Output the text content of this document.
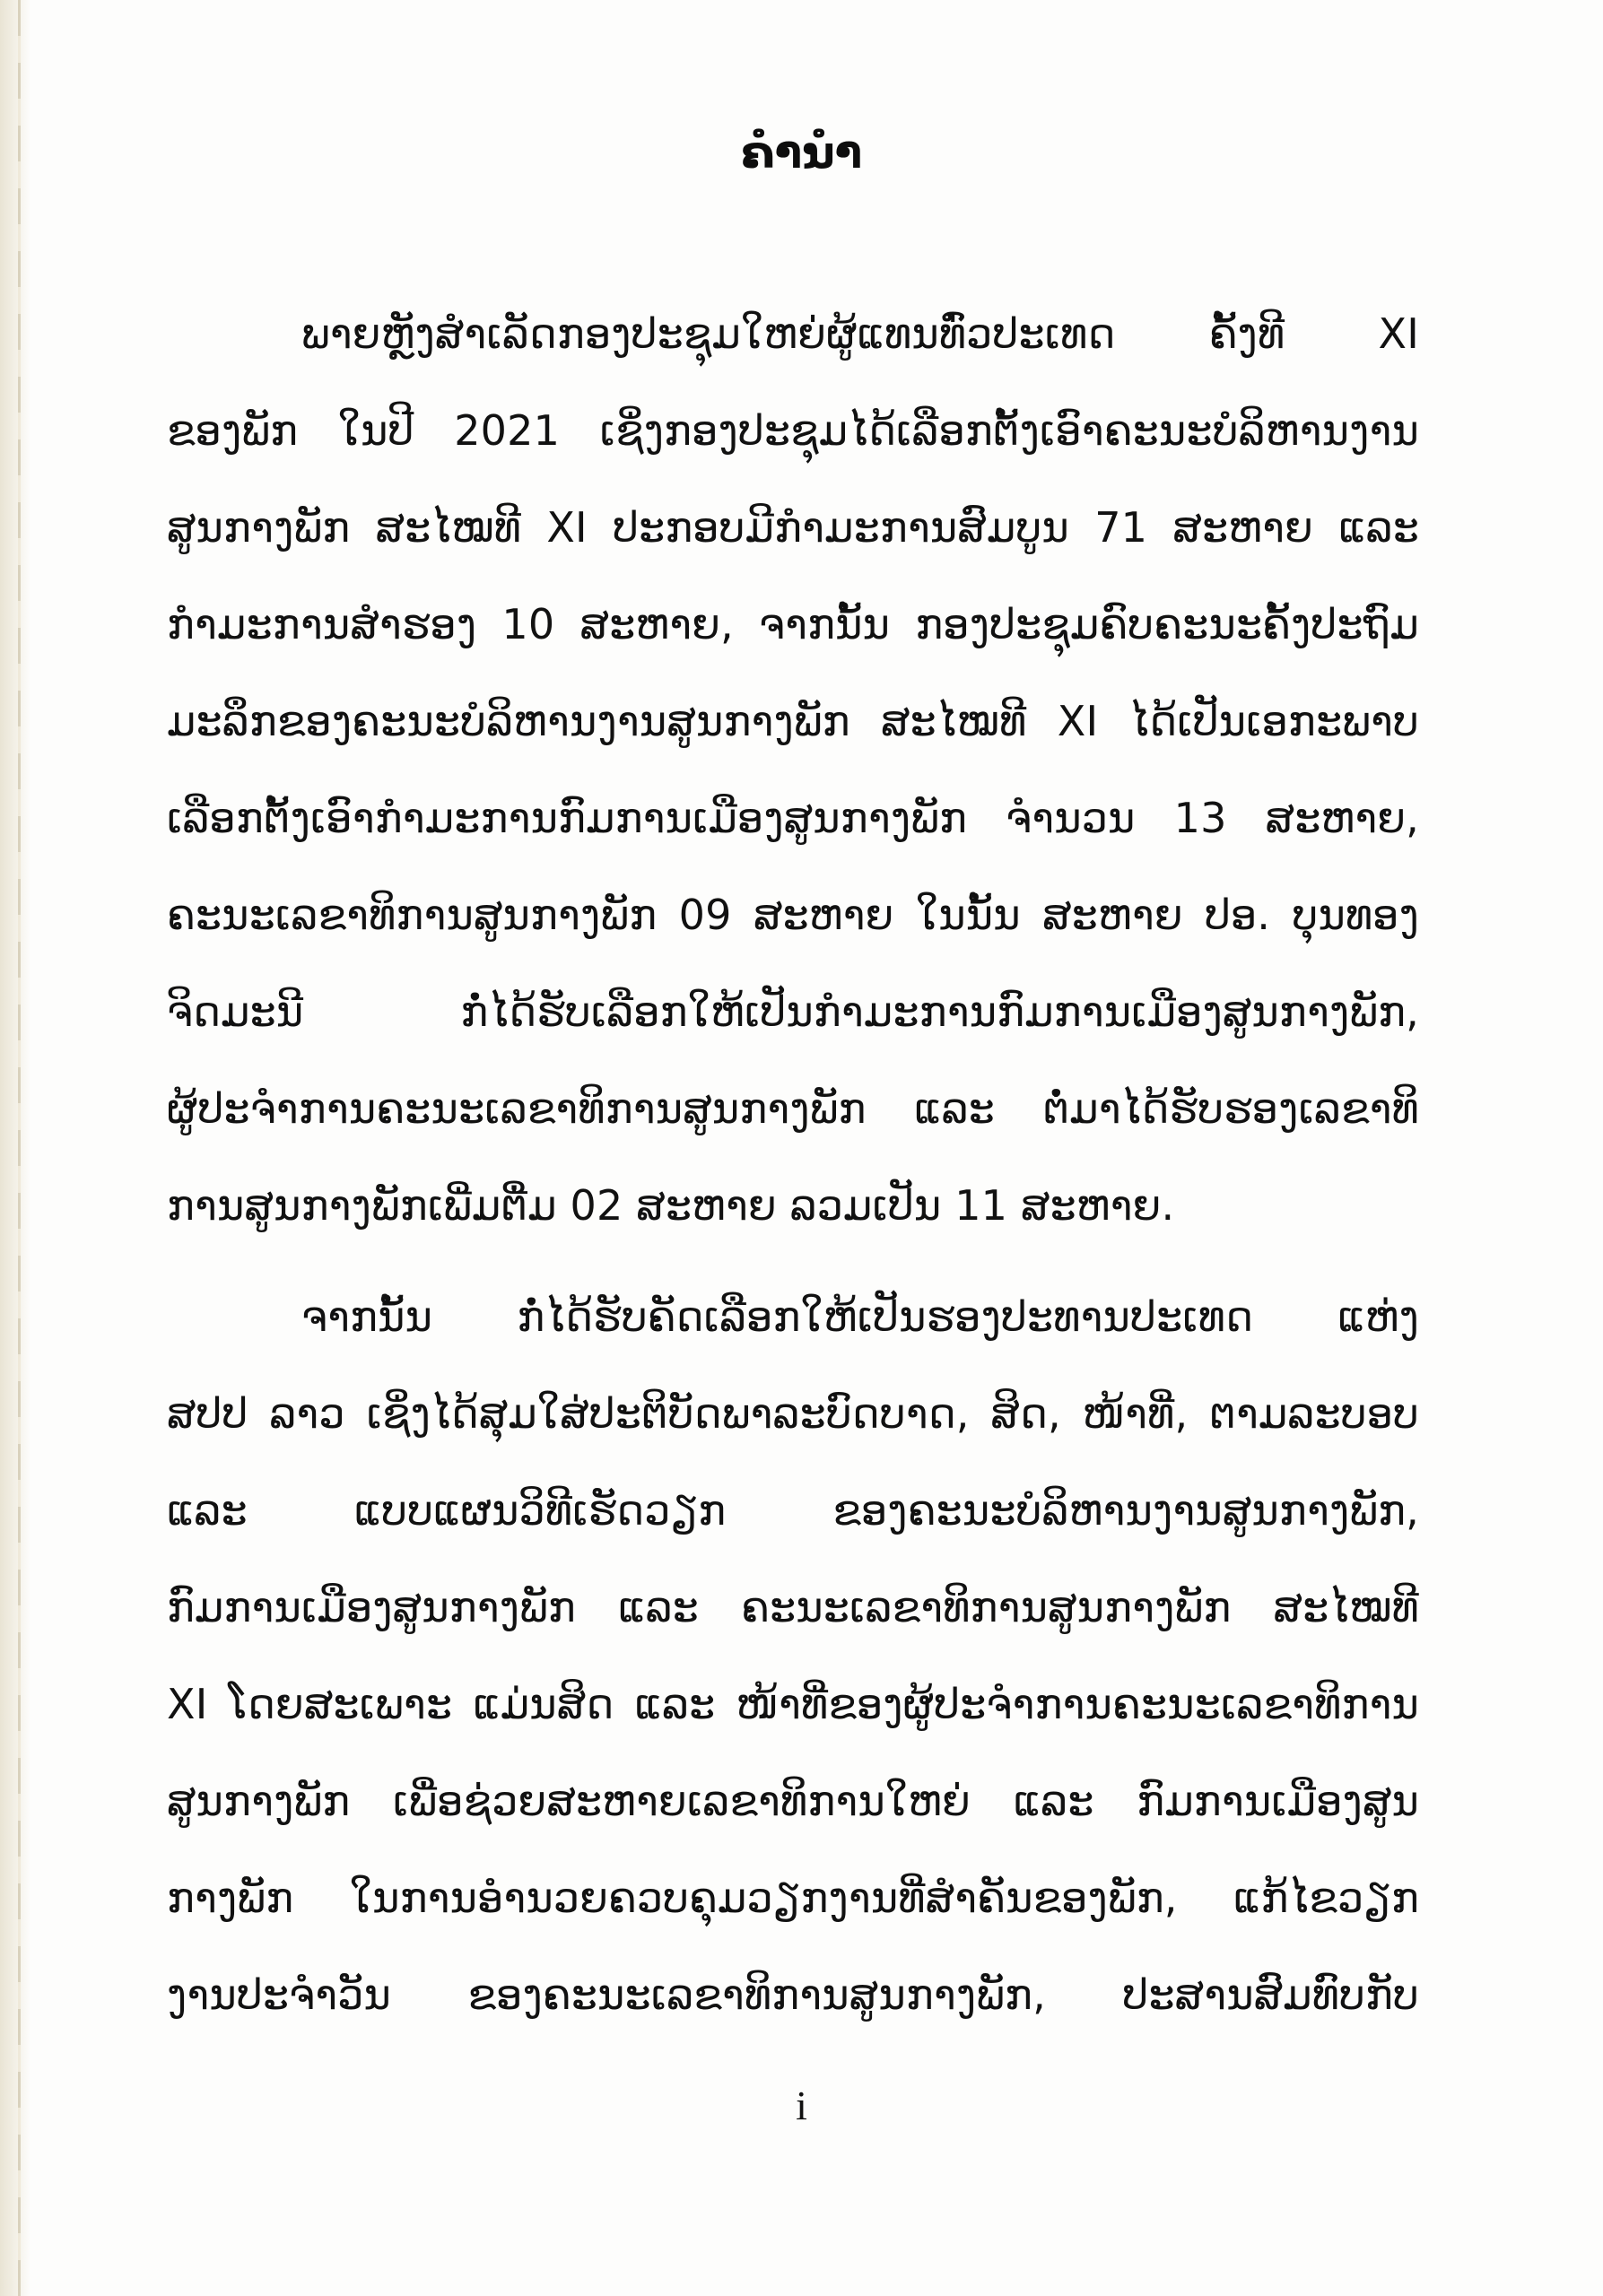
ຄໍານໍາ
ພາຍຫຼັງສໍາເລັດກອງປະຊຸມໃຫຍ່ຜູ້ແທນທົ່ວປະເທດ ຄັ້ງທີ XI
ຂອງພັກ ໃນປີ 2021 ເຊິ່ງກອງປະຊຸມໄດ້ເລືອກຕັ້ງເອົາຄະນະບໍລິຫານງານ
ສູນກາງພັກ ສະໄໝທີ XI ປະກອບມີກໍາມະການສົມບູນ 71 ສະຫາຍ ແລະ
ກໍາມະການສໍາຮອງ 10 ສະຫາຍ, ຈາກນັ້ນ ກອງປະຊຸມຄົບຄະນະຄັ້ງປະຖົມ
ມະລຶກຂອງຄະນະບໍລິຫານງານສູນກາງພັກ ສະໄໝທີ XI ໄດ້ເປັນເອກະພາບ
ເລືອກຕັ້ງເອົາກໍາມະການກົມການເມືອງສູນກາງພັກ ຈໍານວນ 13 ສະຫາຍ,
ຄະນະເລຂາທິການສູນກາງພັກ 09 ສະຫາຍ ໃນນັ້ນ ສະຫາຍ ປອ. ບຸນທອງ
ຈິດມະນີ ກໍ່ໄດ້ຮັບເລືອກໃຫ້ເປັນກໍາມະການກົມການເມືອງສູນກາງພັກ,
ຜູ້ປະຈໍາການຄະນະເລຂາທິການສູນກາງພັກ ແລະ ຕໍ່ມາໄດ້ຮັບຮອງເລຂາທິ
ການສູນກາງພັກເພີ່ມຕື່ມ 02 ສະຫາຍ ລວມເປັນ 11 ສະຫາຍ.
ຈາກນັ້ນ ກໍ່ໄດ້ຮັບຄັດເລືອກໃຫ້ເປັນຮອງປະທານປະເທດ ແຫ່ງ
ສປປ ລາວ ເຊິ່ງໄດ້ສຸມໃສ່ປະຕິບັດພາລະບົດບາດ, ສິດ, ໜ້າທີ່, ຕາມລະບອບ
ແລະ ແບບແຜນວິທີເຮັດວຽກ ຂອງຄະນະບໍລິຫານງານສູນກາງພັກ,
ກົມການເມືອງສູນກາງພັກ ແລະ ຄະນະເລຂາທິການສູນກາງພັກ ສະໄໝທີ
XI ໂດຍສະເພາະ ແມ່ນສິດ ແລະ ໜ້າທີ່ຂອງຜູ້ປະຈໍາການຄະນະເລຂາທິການ
ສູນກາງພັກ ເພື່ອຊ່ວຍສະຫາຍເລຂາທິການໃຫຍ່ ແລະ ກົມການເມືອງສູນ
ກາງພັກ ໃນການອໍານວຍຄວບຄຸມວຽກງານທີ່ສໍາຄັນຂອງພັກ, ແກ້ໄຂວຽກ
ງານປະຈໍາວັນ ຂອງຄະນະເລຂາທິການສູນກາງພັກ, ປະສານສົມທົບກັບ
i
